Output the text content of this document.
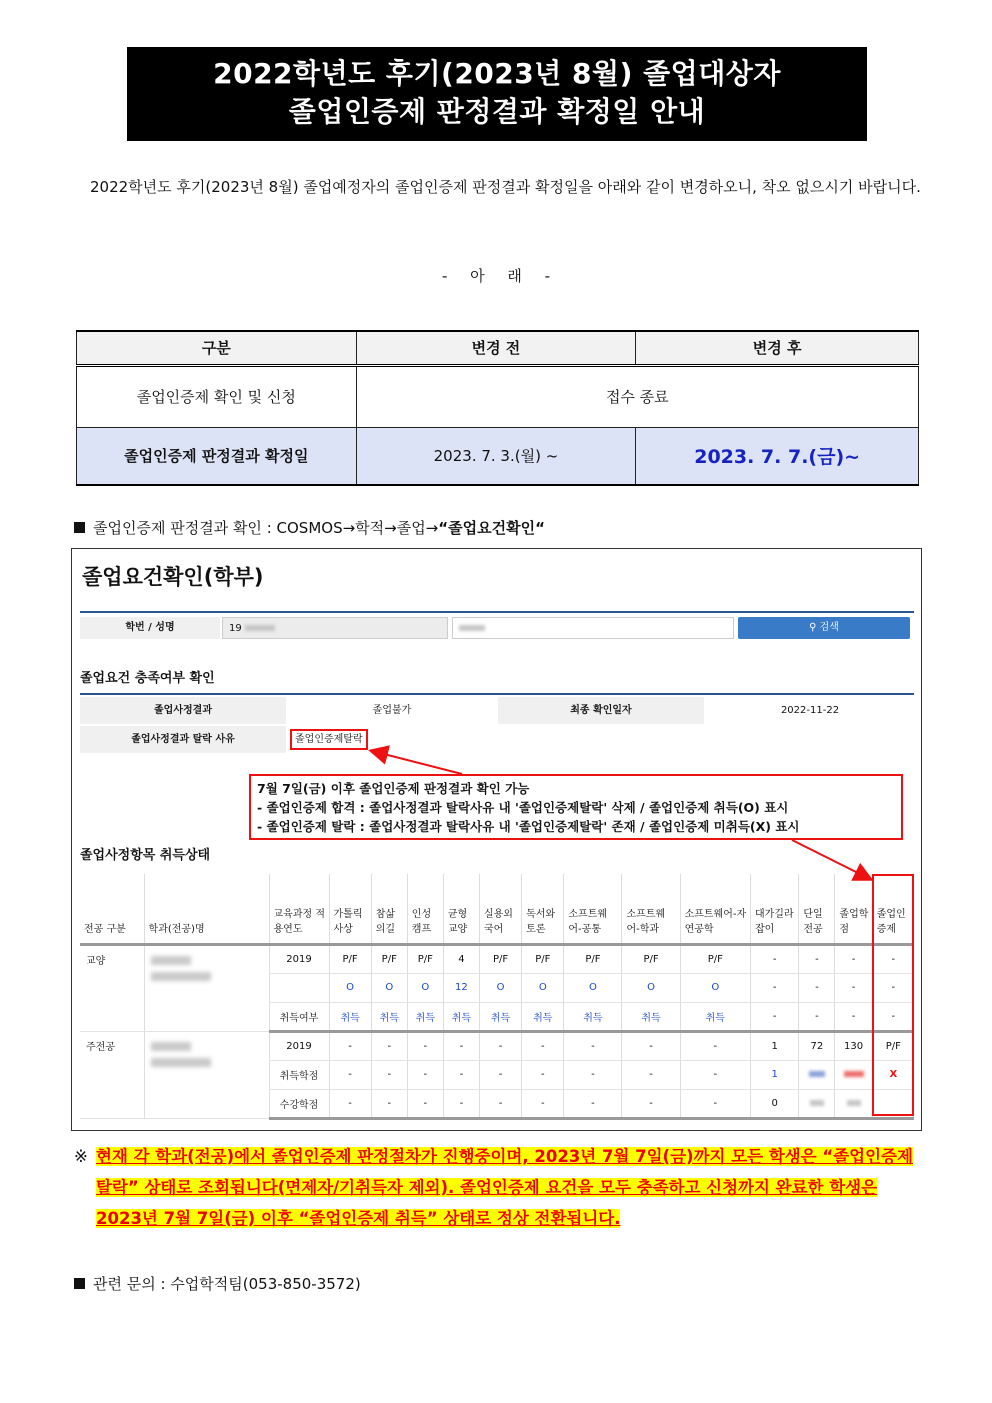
2022학년도 후기(2023년 8월) 졸업대상자
졸업인증제 판정결과 확정일 안내

2022학년도 후기(2023년 8월) 졸업예정자의 졸업인증제 판정결과 확정일을 아래와 같이 변경하오니, 착오 없으시기 바랍니다.

- 아 래 -
구분	변경 전	변경 후
졸업인증제 확인 및 신청	접수 종료	
졸업인증제 판정결과 확정일	2023. 7. 3.(월) ~	2023. 7. 7.(금)~
졸업인증제 판정결과 확인 : COSMOS→학적→졸업→“졸업요건확인“
졸업요건확인(학부)
학번 / 성명	19	⚲ 검색
졸업요건 충족여부 확인
졸업사정결과	졸업불가	최종 확인일자	2022-11-22
졸업사정결과 탈락 사유	졸업인증제탈락
7월 7일(금) 이후 졸업인증제 판정결과 확인 가능
- 졸업인증제 합격 : 졸업사정결과 탈락사유 내 '졸업인증제탈락' 삭제 / 졸업인증제 취득(O) 표시
- 졸업인증제 탈락 : 졸업사정결과 탈락사유 내 '졸업인증제탈락' 존재 / 졸업인증제 미취득(X) 표시
졸업사정항목 취득상태
전공 구분	학과(전공)명	교육과정 적용연도	가톨릭사상	참삶의길	인성캠프	균형교양	실용외국어	독서와토론	소프트웨어-공통	소프트웨어-학과	소프트웨어-자연공학	대가길라잡이	단일전공	졸업학점	졸업인증제
교양		2019	P/F	P/F	P/F	4	P/F	P/F	P/F	P/F	P/F	-	-	-	-
			O	O	O	12	O	O	O	O	O	-	-	-	-
		취득여부	취득	취득	취득	취득	취득	취득	취득	취득	취득	-	-	-	-
주전공		2019	-	-	-	-	-	-	-	-	-	1	72	130	P/F
		취득학점	-	-	-	-	-	-	-	-	-	1			X
		수강학점	-	-	-	-	-	-	-	-	-	0			
※ 현재 각 학과(전공)에서 졸업인증제 판정절차가 진행중이며, 2023년 7월 7일(금)까지 모든 학생은 “졸업인증제 탈락” 상태로 조회됩니다(면제자/기취득자 제외). 졸업인증제 요건을 모두 충족하고 신청까지 완료한 학생은 2023년 7월 7일(금) 이후 “졸업인증제 취득” 상태로 정상 전환됩니다.
관련 문의 : 수업학적팀(053-850-3572)
